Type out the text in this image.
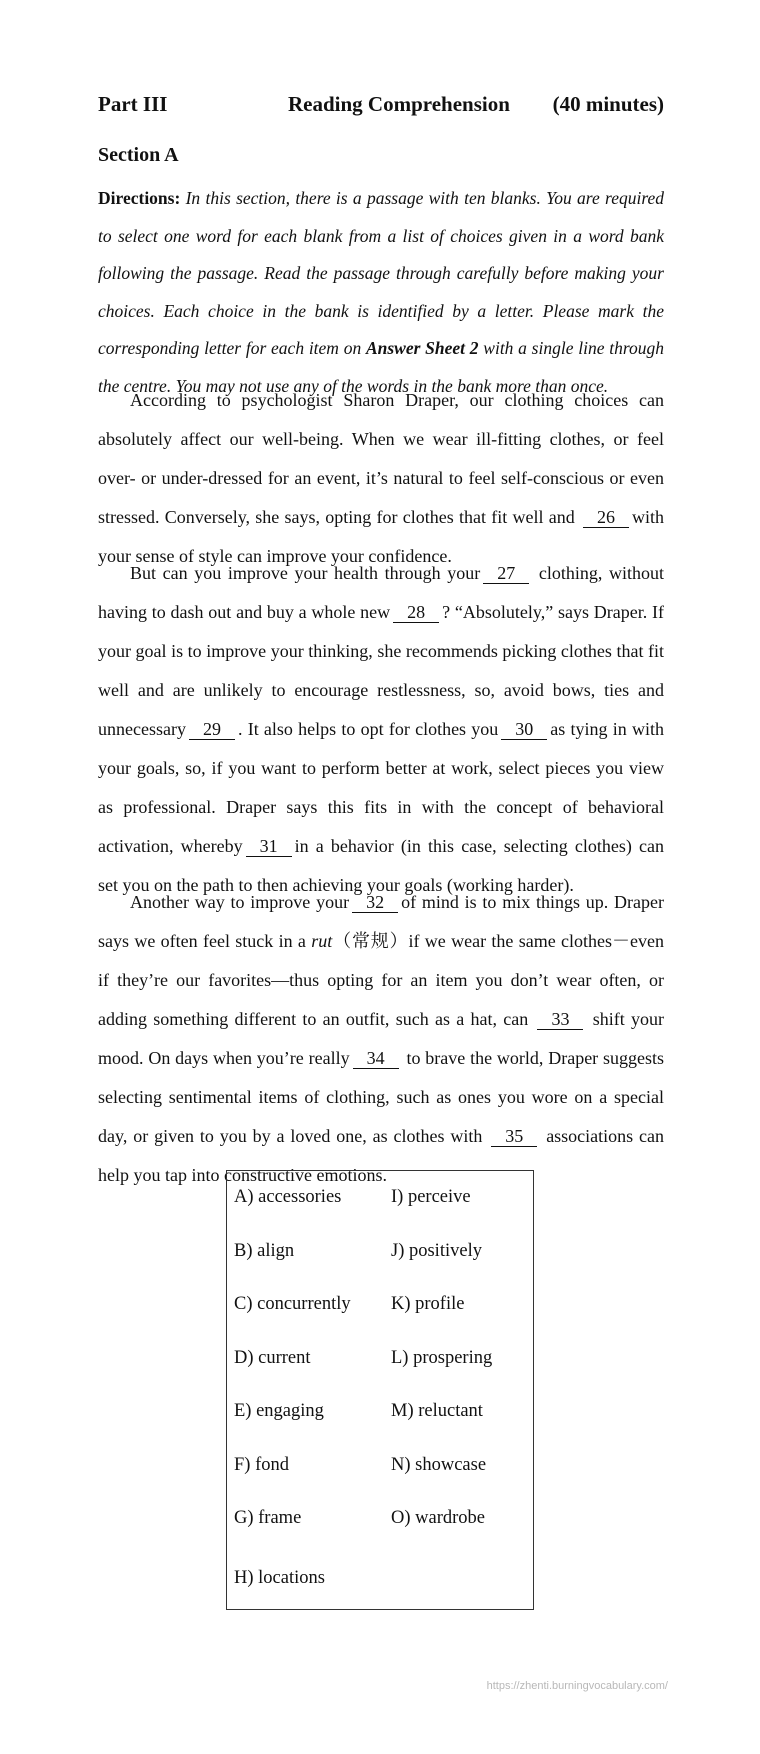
Part III	Reading Comprehension (40 minutes)
Section A
Directions: In this section, there is a passage with ten blanks. You are required to select one word for each blank from a list of choices given in a word bank following the passage. Read the passage through carefully before making your choices. Each choice in the bank is identified by a letter. Please mark the corresponding letter for each item on Answer Sheet 2 with a single line through the centre. You may not use any of the words in the bank more than once.
According to psychologist Sharon Draper, our clothing choices can absolutely affect our well-being. When we wear ill-fitting clothes, or feel over- or under-dressed for an event, it’s natural to feel self-conscious or even stressed. Conversely, she says, opting for clothes that fit well and 26 with your sense of style can improve your confidence.
But can you improve your health through your 27 clothing, without having to dash out and buy a whole new 28 ? “Absolutely,” says Draper. If your goal is to improve your thinking, she recommends picking clothes that fit well and are unlikely to encourage restlessness, so, avoid bows, ties and unnecessary 29 . It also helps to opt for clothes you 30 as tying in with your goals, so, if you want to perform better at work, select pieces you view as professional. Draper says this fits in with the concept of behavioral activation, whereby 31 in a behavior (in this case, selecting clothes) can set you on the path to then achieving your goals (working harder).
Another way to improve your 32 of mind is to mix things up. Draper says we often feel stuck in a rut（常规）if we wear the same clothes－even if they’re our favorites—thus opting for an item you don’t wear often, or adding something different to an outfit, such as a hat, can 33 shift your mood. On days when you’re really 34 to brave the world, Draper suggests selecting sentimental items of clothing, such as ones you wore on a special day, or given to you by a loved one, as clothes with 35 associations can help you tap into constructive emotions.
A) accessories
B) align
C) concurrently
D) current
E) engaging
F) fond
G) frame
H) locations
I) perceive
J) positively
K) profile
L) prospering
M) reluctant
N) showcase
O) wardrobe
https://zhenti.burningvocabulary.com/
